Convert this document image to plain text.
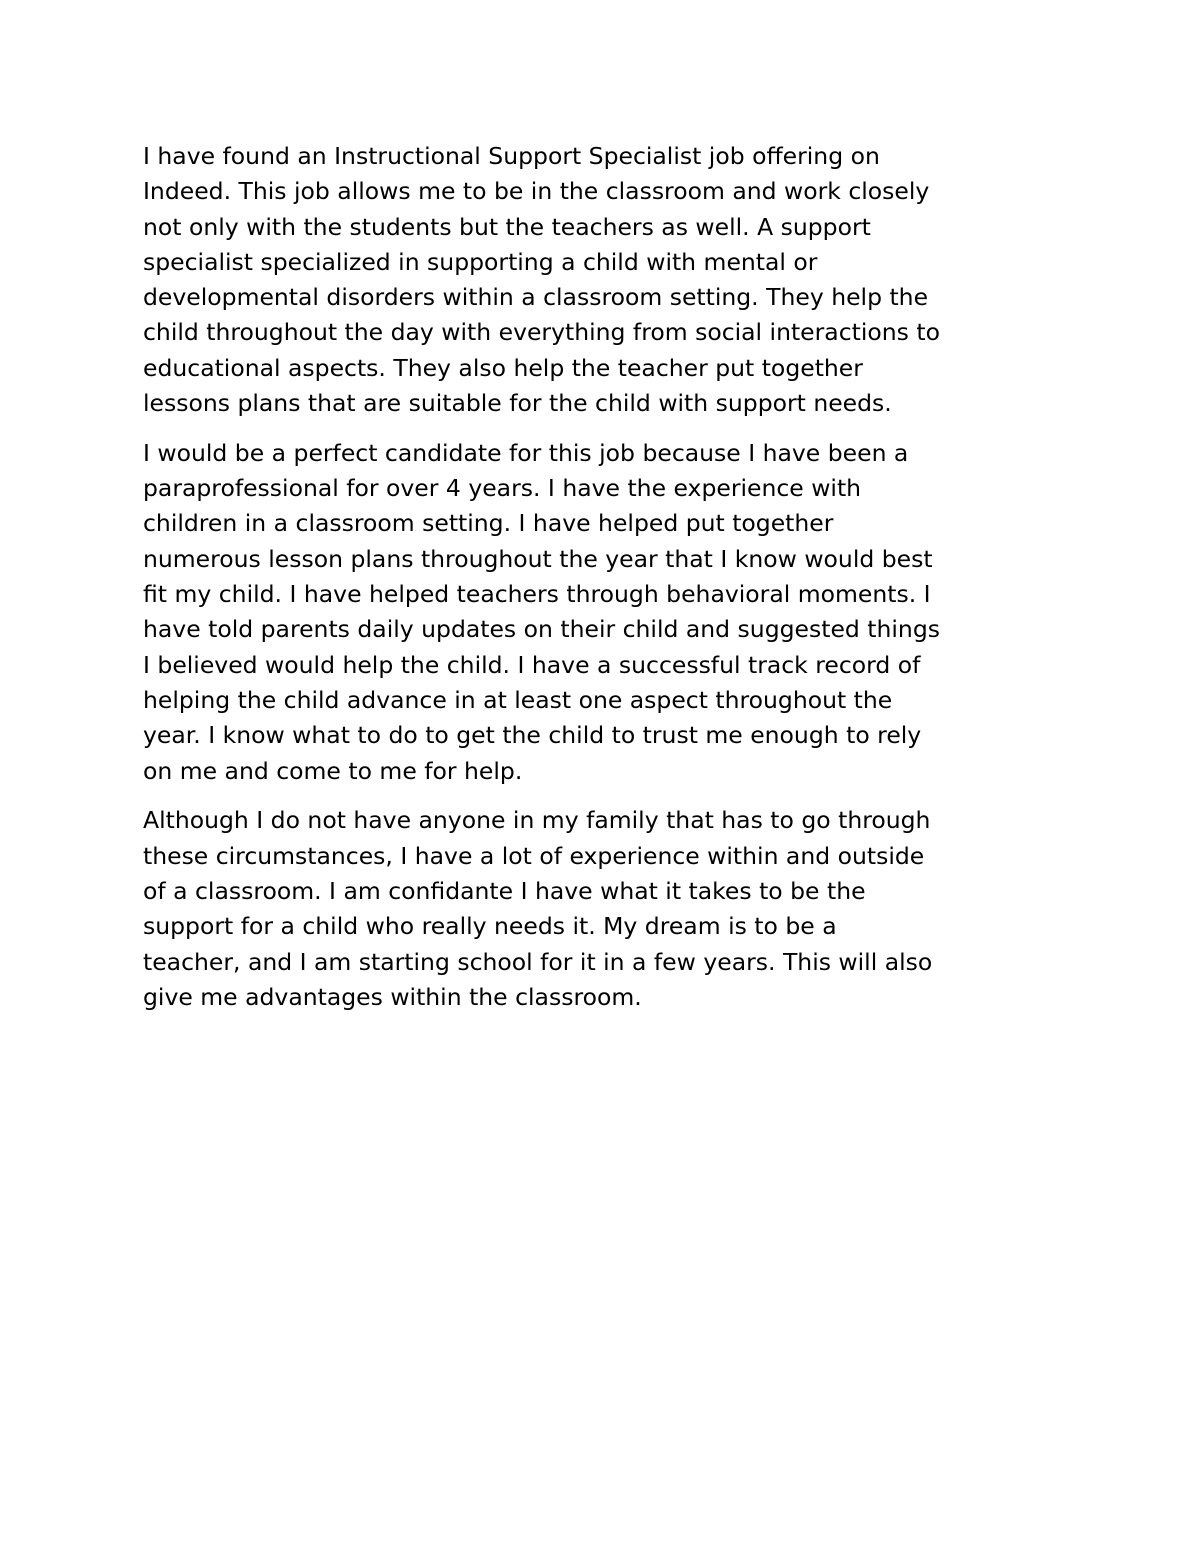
I have found an Instructional Support Specialist job offering on
Indeed. This job allows me to be in the classroom and work closely
not only with the students but the teachers as well. A support
specialist specialized in supporting a child with mental or
developmental disorders within a classroom setting. They help the
child throughout the day with everything from social interactions to
educational aspects. They also help the teacher put together
lessons plans that are suitable for the child with support needs.

I would be a perfect candidate for this job because I have been a
paraprofessional for over 4 years. I have the experience with
children in a classroom setting. I have helped put together
numerous lesson plans throughout the year that I know would best
fit my child. I have helped teachers through behavioral moments. I
have told parents daily updates on their child and suggested things
I believed would help the child. I have a successful track record of
helping the child advance in at least one aspect throughout the
year. I know what to do to get the child to trust me enough to rely
on me and come to me for help.

Although I do not have anyone in my family that has to go through
these circumstances, I have a lot of experience within and outside
of a classroom. I am confidante I have what it takes to be the
support for a child who really needs it. My dream is to be a
teacher, and I am starting school for it in a few years. This will also
give me advantages within the classroom.
